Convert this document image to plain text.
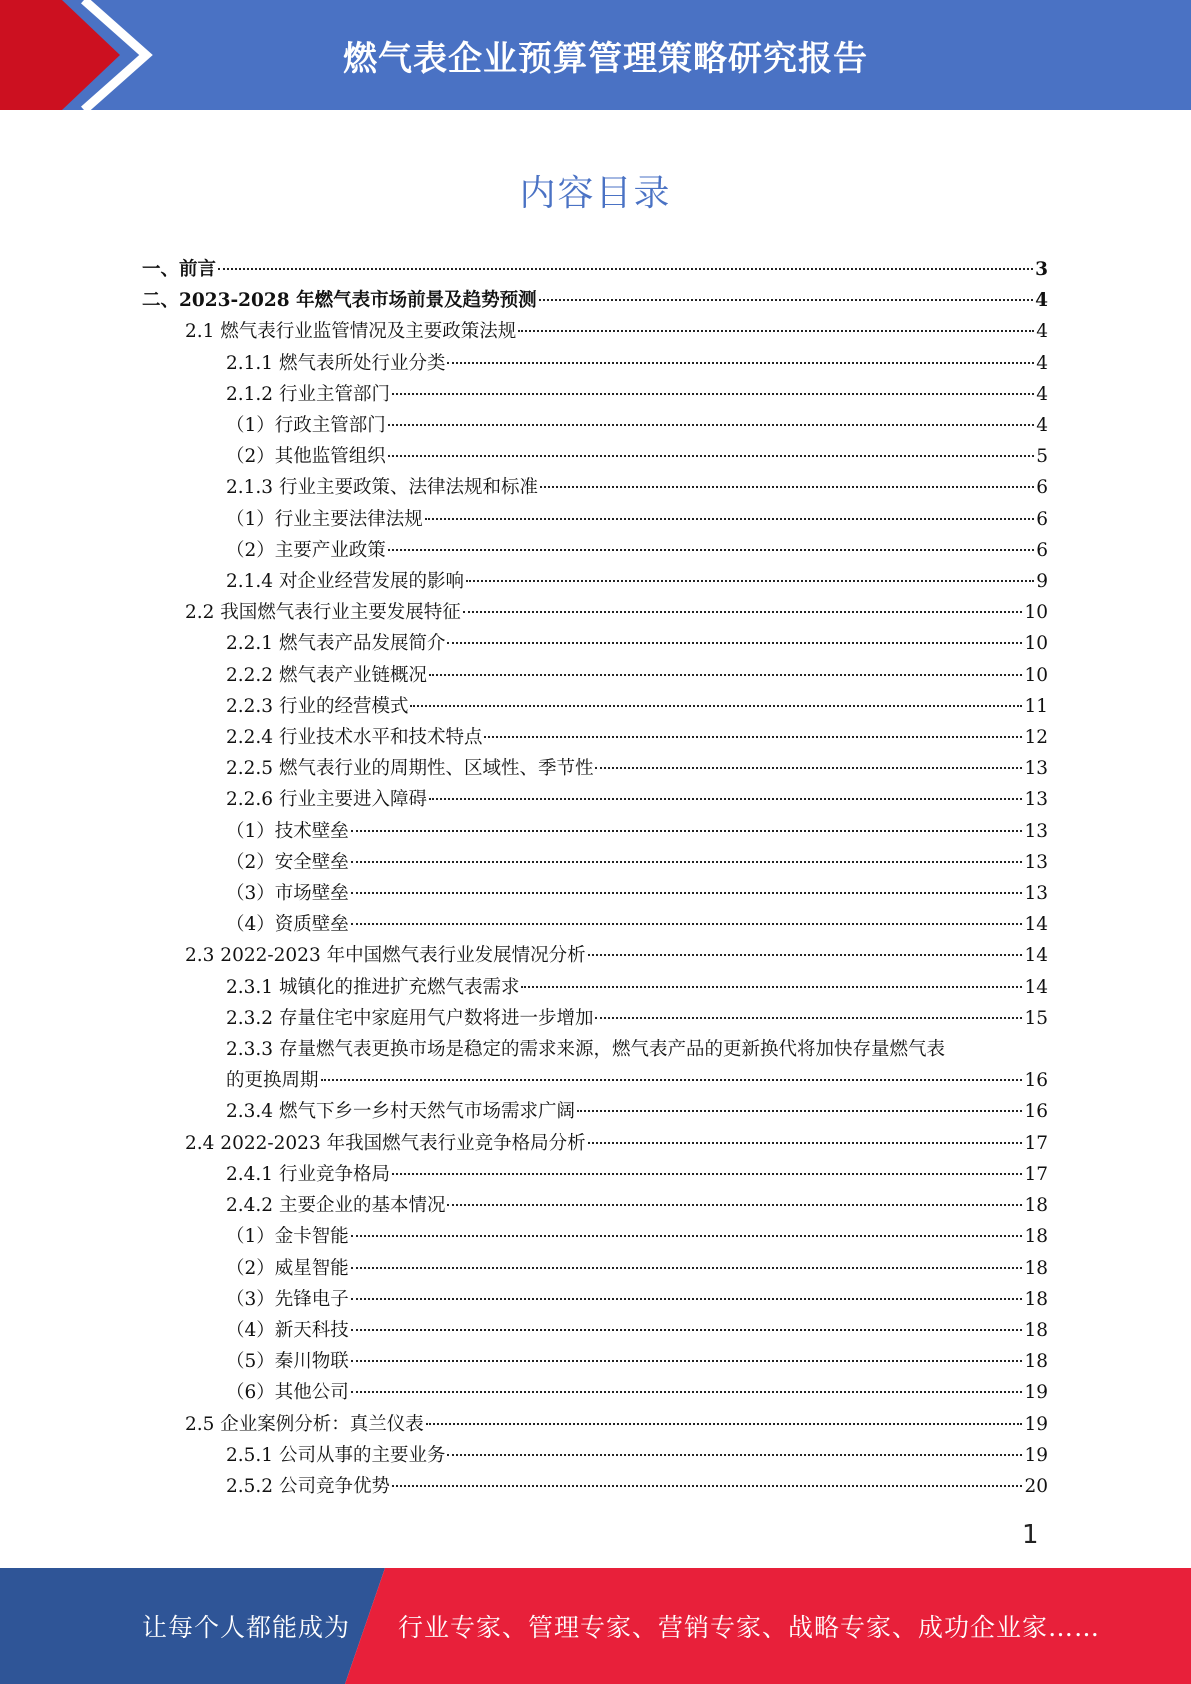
燃气表企业预算管理策略研究报告
内容目录
一、前言	3
二、2023-2028 年燃气表市场前景及趋势预测	4
2.1 燃气表行业监管情况及主要政策法规	4
2.1.1 燃气表所处行业分类	4
2.1.2 行业主管部门	4
（1）行政主管部门	4
（2）其他监管组织	5
2.1.3 行业主要政策、法律法规和标准	6
（1）行业主要法律法规	6
（2）主要产业政策	6
2.1.4 对企业经营发展的影响	9
2.2 我国燃气表行业主要发展特征	10
2.2.1 燃气表产品发展简介	10
2.2.2 燃气表产业链概况	10
2.2.3 行业的经营模式	11
2.2.4 行业技术水平和技术特点	12
2.2.5 燃气表行业的周期性、区域性、季节性	13
2.2.6 行业主要进入障碍	13
（1）技术壁垒	13
（2）安全壁垒	13
（3）市场壁垒	13
（4）资质壁垒	14
2.3 2022-2023 年中国燃气表行业发展情况分析	14
2.3.1 城镇化的推进扩充燃气表需求	14
2.3.2 存量住宅中家庭用气户数将进一步增加	15
2.3.3 存量燃气表更换市场是稳定的需求来源，燃气表产品的更新换代将加快存量燃气表
的更换周期	16
2.3.4 燃气下乡一乡村天然气市场需求广阔	16
2.4 2022-2023 年我国燃气表行业竞争格局分析	17
2.4.1 行业竞争格局	17
2.4.2 主要企业的基本情况	18
（1）金卡智能	18
（2）威星智能	18
（3）先锋电子	18
（4）新天科技	18
（5）秦川物联	18
（6）其他公司	19
2.5 企业案例分析：真兰仪表	19
2.5.1 公司从事的主要业务	19
2.5.2 公司竞争优势	20
1
让每个人都能成为 行业专家、管理专家、营销专家、战略专家、成功企业家……
